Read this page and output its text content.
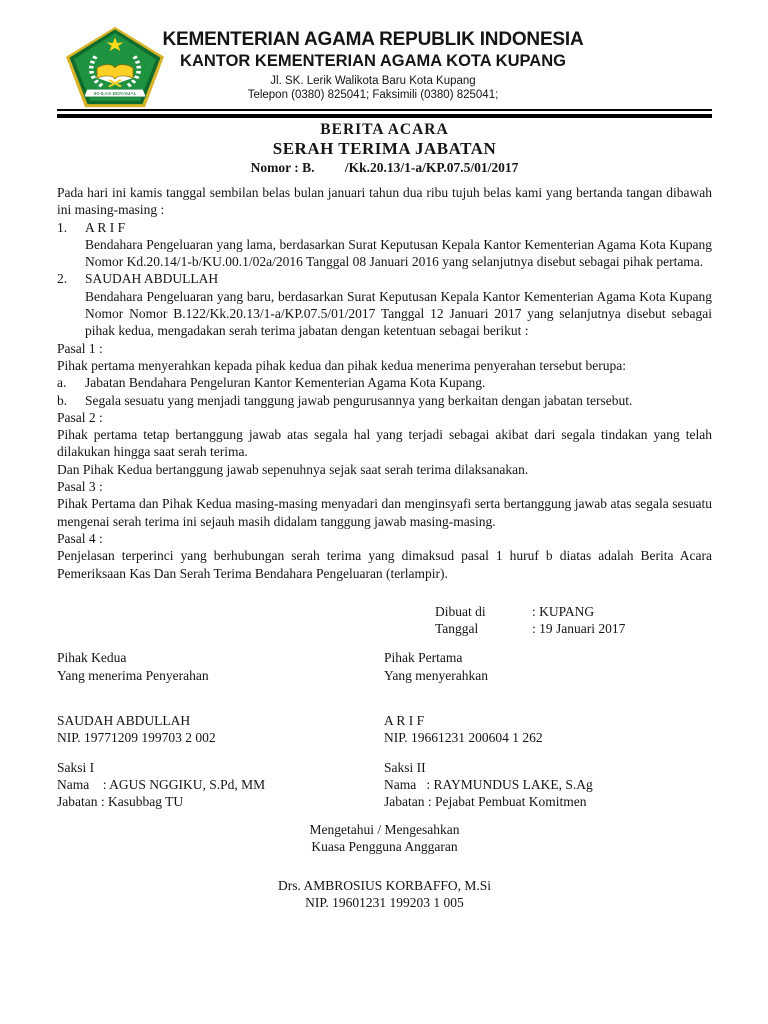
IKHLAS BERAMAL
KEMENTERIAN AGAMA REPUBLIK INDONESIA
KANTOR KEMENTERIAN AGAMA KOTA KUPANG
Jl. SK. Lerik Walikota Baru Kota Kupang
Telepon (0380) 825041; Faksimili (0380) 825041;
BERITA ACARA
SERAH TERIMA JABATAN
Nomor : B.         /Kk.20.13/1-a/KP.07.5/01/2017

Pada hari ini kamis tanggal sembilan belas bulan januari tahun dua ribu tujuh belas kami yang bertanda tangan dibawah ini masing-masing :

1.	A R I F
Bendahara Pengeluaran yang lama, berdasarkan Surat Keputusan Kepala Kantor Kementerian Agama Kota Kupang Nomor Kd.20.14/1-b/KU.00.1/02a/2016 Tanggal 08 Januari 2016 yang selanjutnya disebut sebagai pihak pertama.
2.	SAUDAH ABDULLAH
Bendahara Pengeluaran yang baru, berdasarkan Surat Keputusan Kepala Kantor Kementerian Agama Kota Kupang Nomor Nomor B.122/Kk.20.13/1-a/KP.07.5/01/2017 Tanggal 12 Januari 2017 yang selanjutnya disebut sebagai pihak kedua, mengadakan serah terima jabatan dengan ketentuan sebagai berikut :

Pasal 1 :

Pihak pertama menyerahkan kepada pihak kedua dan pihak kedua menerima penyerahan tersebut berupa:

a.	Jabatan Bendahara Pengeluran Kantor Kementerian Agama Kota Kupang.
b.	Segala sesuatu yang menjadi tanggung jawab pengurusannya yang berkaitan dengan jabatan tersebut.

Pasal 2 :

Pihak pertama tetap bertanggung jawab atas segala hal yang terjadi sebagai akibat dari segala tindakan yang telah dilakukan hingga saat serah terima.

Dan Pihak Kedua bertanggung jawab sepenuhnya sejak saat serah terima dilaksanakan.

Pasal 3 :

Pihak Pertama dan Pihak Kedua masing-masing menyadari dan menginsyafi serta bertanggung jawab atas segala sesuatu mengenai serah terima ini sejauh masih didalam tanggung jawab masing-masing.

Pasal 4 :

Penjelasan terperinci yang berhubungan serah terima yang dimaksud pasal 1 huruf b diatas adalah Berita Acara Pemeriksaan Kas Dan Serah Terima Bendahara Pengeluaran (terlampir).

Dibuat di	: KUPANG
Tanggal	: 19 Januari 2017
Pihak Kedua
Yang menerima Penyerahan
SAUDAH ABDULLAH
NIP. 19771209 199703 2 002
Pihak Pertama
Yang menyerahkan
A R I F
NIP. 19661231 200604 1 262
Saksi I
Nama    : AGUS NGGIKU, S.Pd, MM
Jabatan : Kasubbag TU
Saksi II
Nama   : RAYMUNDUS LAKE, S.Ag
Jabatan : Pejabat Pembuat Komitmen
Mengetahui / Mengesahkan
Kuasa Pengguna Anggaran
Drs. AMBROSIUS KORBAFFO, M.Si
NIP. 19601231 199203 1 005
